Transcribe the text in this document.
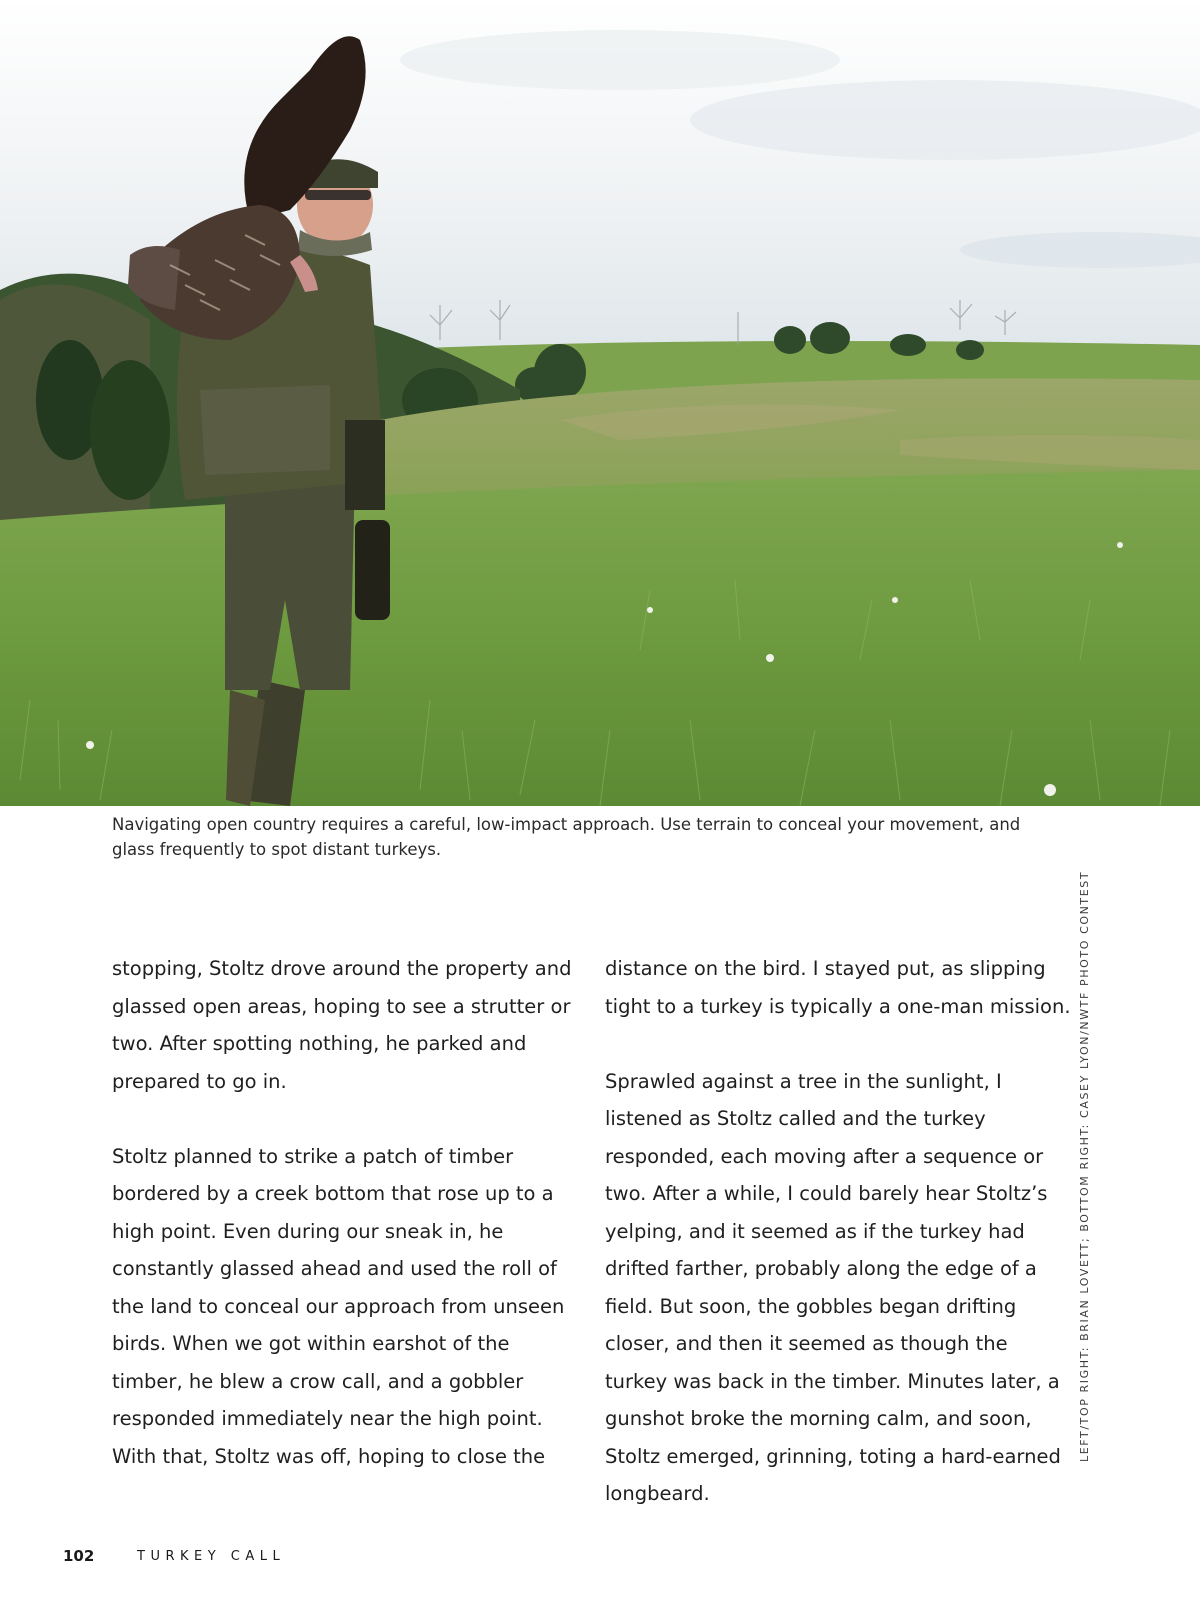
Navigating open country requires a careful, low-impact approach. Use terrain to conceal your movement, and glass frequently to spot distant turkeys.

stopping, Stoltz drove around the property and glassed open areas, hoping to see a strutter or two. After spotting nothing, he parked and prepared to go in.

Stoltz planned to strike a patch of timber bordered by a creek bottom that rose up to a high point. Even during our sneak in, he constantly glassed ahead and used the roll of the land to conceal our approach from unseen birds. When we got within earshot of the timber, he blew a crow call, and a gobbler responded immediately near the high point. With that, Stoltz was off, hoping to close the

distance on the bird. I stayed put, as slipping tight to a turkey is typically a one-man mission.

Sprawled against a tree in the sunlight, I listened as Stoltz called and the turkey responded, each moving after a sequence or two. After a while, I could barely hear Stoltz’s yelping, and it seemed as if the turkey had drifted farther, probably along the edge of a field. But soon, the gobbles began drifting closer, and then it seemed as though the turkey was back in the timber. Minutes later, a gunshot broke the morning calm, and soon, Stoltz emerged, grinning, toting a hard-earned longbeard.

LEFT/TOP RIGHT: BRIAN LOVETT; BOTTOM RIGHT: CASEY LYON/NWTF PHOTO CONTEST
102	TURKEY CALL
